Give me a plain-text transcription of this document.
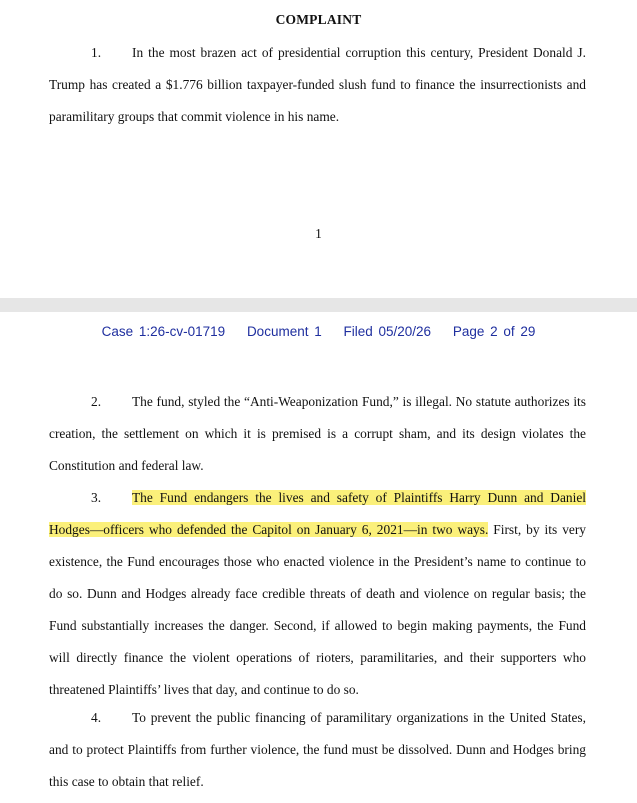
COMPLAINT
1. In the most brazen act of presidential corruption this century, President Donald J. Trump has created a $1.776 billion taxpayer-funded slush fund to finance the insurrectionists and paramilitary groups that commit violence in his name.
1
Case 1:26-cv-01719 Document 1 Filed 05/20/26 Page 2 of 29
2. The fund, styled the “Anti-Weaponization Fund,” is illegal. No statute authorizes its creation, the settlement on which it is premised is a corrupt sham, and its design violates the Constitution and federal law.
3. The Fund endangers the lives and safety of Plaintiffs Harry Dunn and Daniel Hodges—officers who defended the Capitol on January 6, 2021—in two ways. First, by its very existence, the Fund encourages those who enacted violence in the President’s name to continue to do so. Dunn and Hodges already face credible threats of death and violence on regular basis; the Fund substantially increases the danger. Second, if allowed to begin making payments, the Fund will directly finance the violent operations of rioters, paramilitaries, and their supporters who threatened Plaintiffs’ lives that day, and continue to do so.
4. To prevent the public financing of paramilitary organizations in the United States, and to protect Plaintiffs from further violence, the fund must be dissolved. Dunn and Hodges bring this case to obtain that relief.
